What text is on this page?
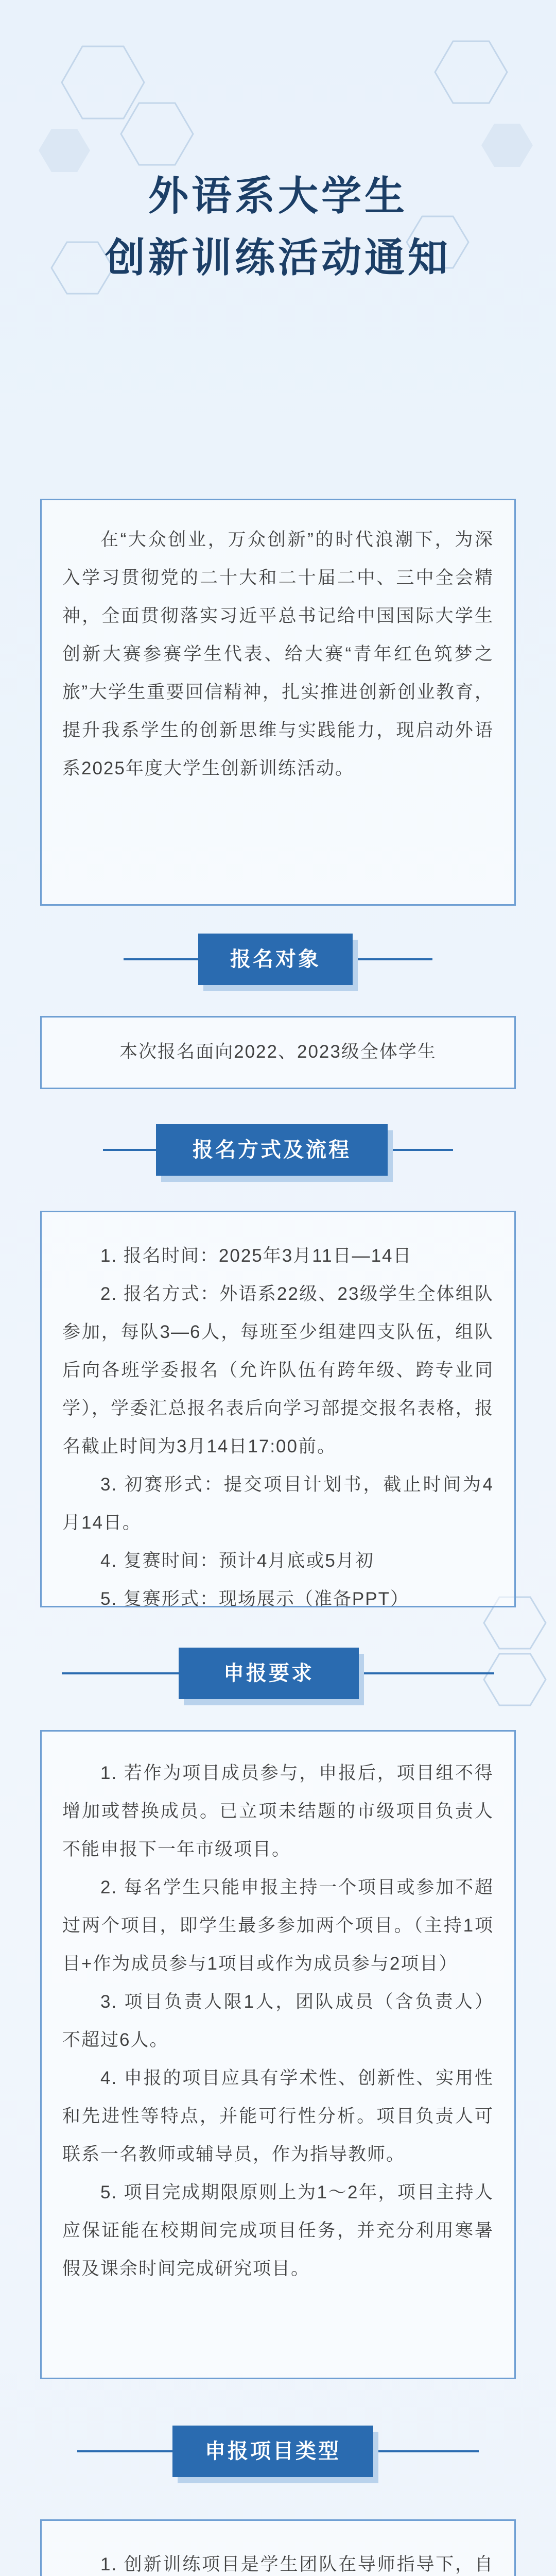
外语系大学生
创新训练活动通知

在“大众创业，万众创新”的时代浪潮下，为深入学习贯彻党的二十大和二十届二中、三中全会精神，全面贯彻落实习近平总书记给中国国际大学生创新大赛参赛学生代表、给大赛“青年红色筑梦之旅”大学生重要回信精神，扎实推进创新创业教育，提升我系学生的创新思维与实践能力，现启动外语系2025年度大学生创新训练活动。

报名对象

本次报名面向2022、2023级全体学生

报名方式及流程

1. 报名时间：2025年3月11日—14日

2. 报名方式：外语系22级、23级学生全体组队参加，每队3—6人，每班至少组建四支队伍，组队后向各班学委报名（允许队伍有跨年级、跨专业同学），学委汇总报名表后向学习部提交报名表格，报名截止时间为3月14日17:00前。

3. 初赛形式：提交项目计划书，截止时间为4月14日。

4. 复赛时间：预计4月底或5月初

5. 复赛形式：现场展示（准备PPT）

申报要求

1. 若作为项目成员参与，申报后，项目组不得增加或替换成员。已立项未结题的市级项目负责人不能申报下一年市级项目。

2. 每名学生只能申报主持一个项目或参加不超过两个项目，即学生最多参加两个项目。（主持1项目+作为成员参与1项目或作为成员参与2项目）

3. 项目负责人限1人，团队成员（含负责人）不超过6人。

4. 申报的项目应具有学术性、创新性、实用性和先进性等特点，并能可行性分析。项目负责人可联系一名教师或辅导员，作为指导教师。

5. 项目完成期限原则上为1～2年，项目主持人应保证能在校期间完成项目任务，并充分利用寒暑假及课余时间完成研究项目。

申报项目类型

1. 创新训练项目是学生团队在导师指导下，自
